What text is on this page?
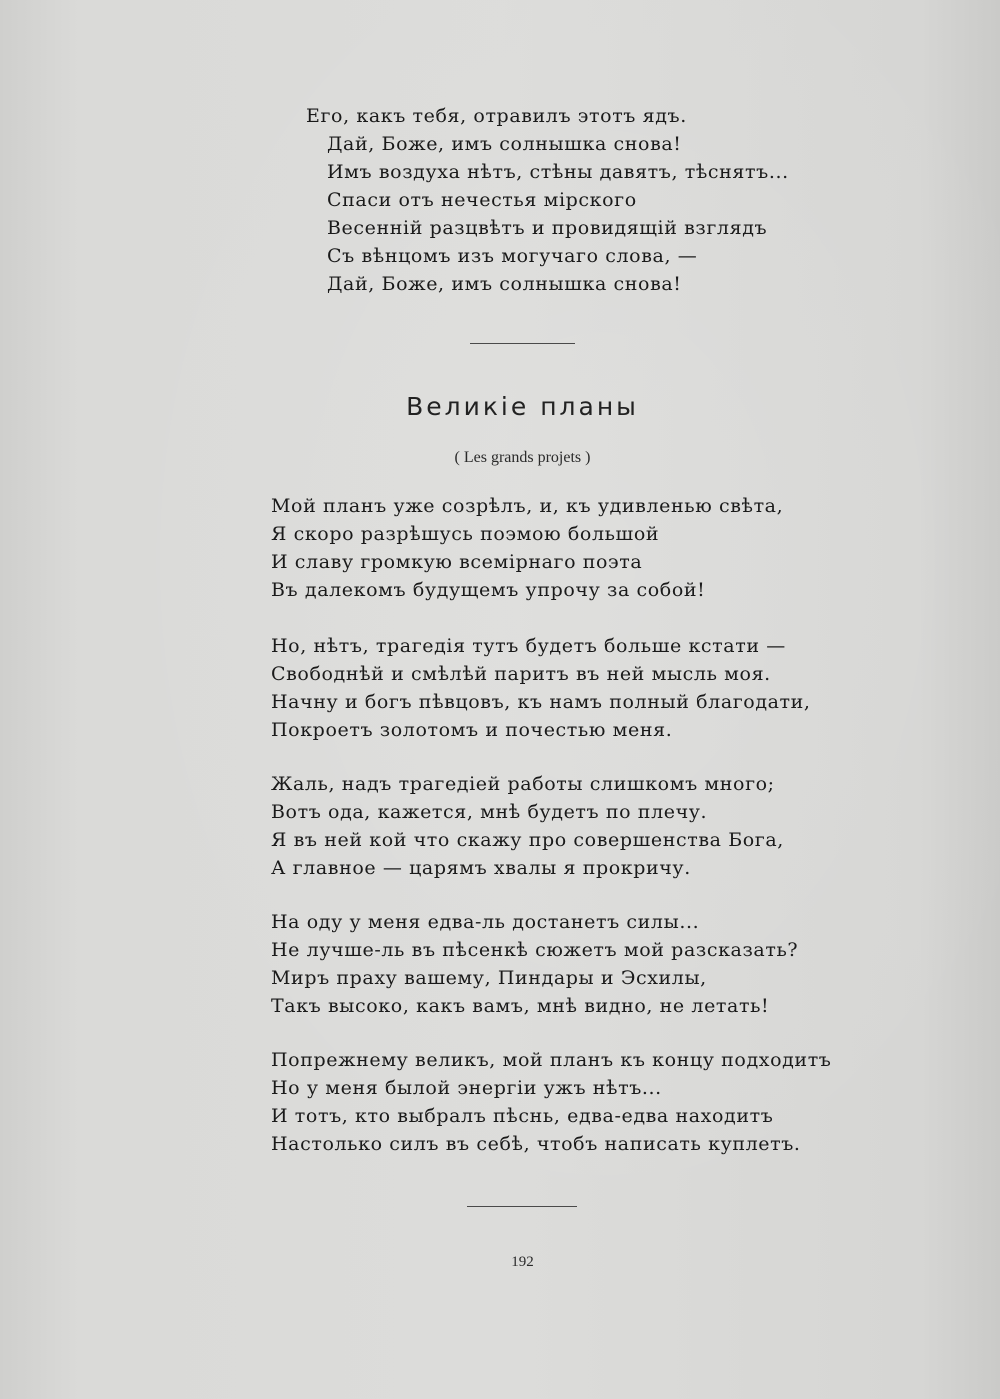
Его, какъ тебя, отравилъ этотъ ядъ.
Дай, Боже, имъ солнышка снова!
Имъ воздуха нѣтъ, стѣны давятъ, тѣснятъ...
Спаси отъ нечестья мірского
Весенній разцвѣтъ и провидящій взглядъ
Съ вѣнцомъ изъ могучаго слова, —
Дай, Боже, имъ солнышка снова!
Великіе планы
( Les grands projets )
Мой планъ уже созрѣлъ, и, къ удивленью свѣта,
Я скоро разрѣшусь поэмою большой
И славу громкую всемірнаго поэта
Въ далекомъ будущемъ упрочу за собой!
Но, нѣтъ, трагедія тутъ будетъ больше кстати —
Свободнѣй и смѣлѣй паритъ въ ней мысль моя.
Начну и богъ пѣвцовъ, къ намъ полный благодати,
Покроетъ золотомъ и почестью меня.
Жаль, надъ трагедіей работы слишкомъ много;
Вотъ ода, кажется, мнѣ будетъ по плечу.
Я въ ней кой что скажу про совершенства Бога,
А главное — царямъ хвалы я прокричу.
На оду у меня едва-ль достанетъ силы...
Не лучше-ль въ пѣсенкѣ сюжетъ мой разсказать?
Миръ праху вашему, Пиндары и Эсхилы,
Такъ высоко, какъ вамъ, мнѣ видно, не летать!
Попрежнему великъ, мой планъ къ концу подходитъ
Но у меня былой энергіи ужъ нѣтъ...
И тотъ, кто выбралъ пѣснь, едва-едва находитъ
Настолько силъ въ себѣ, чтобъ написать куплетъ.
192
